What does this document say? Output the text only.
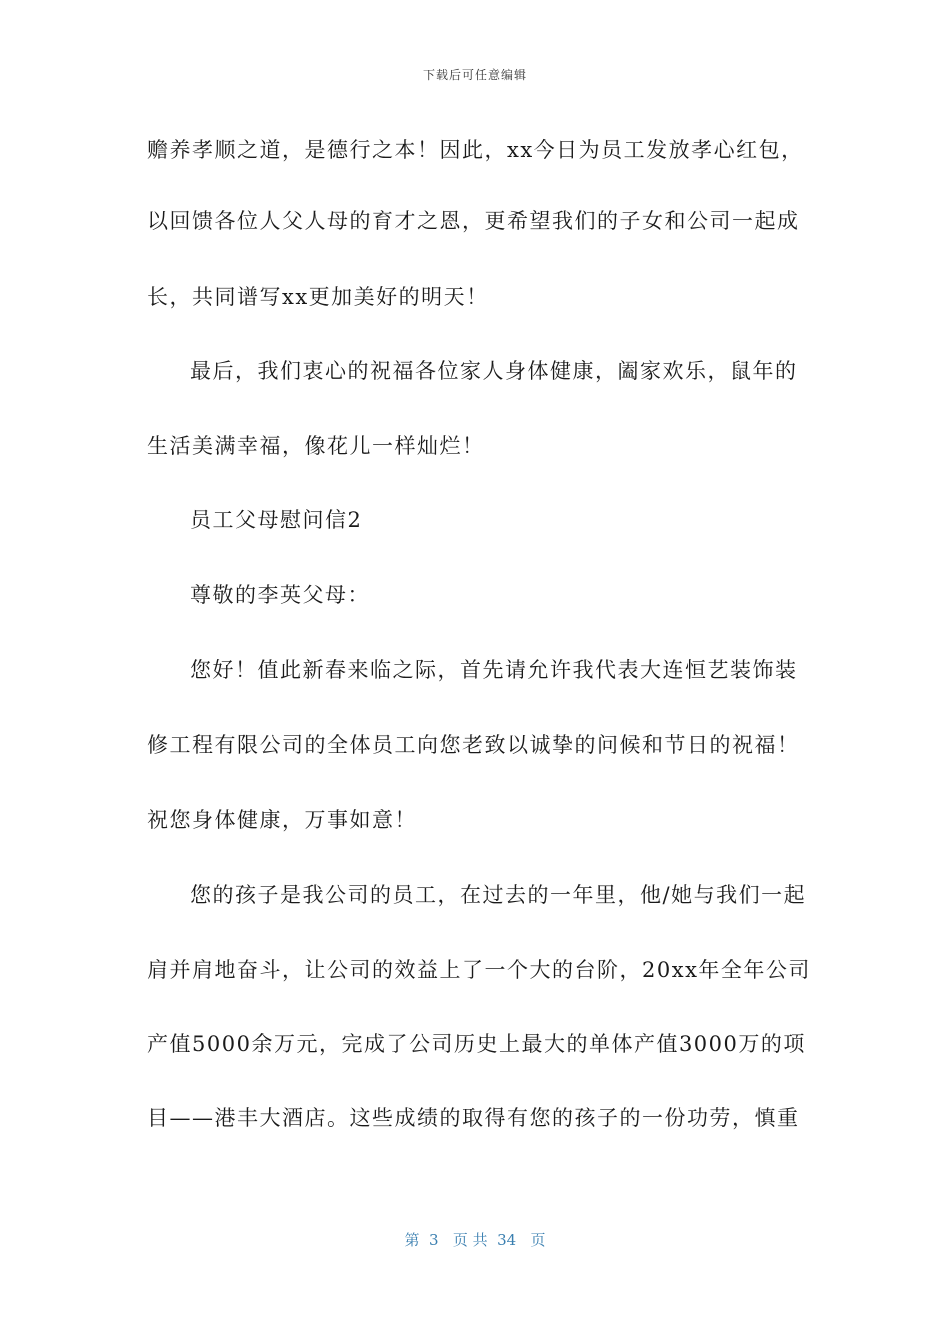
下载后可任意编辑
赡养孝顺之道，是德行之本！因此，xx今日为员工发放孝心红包，
以回馈各位人父人母的育才之恩，更希望我们的子女和公司一起成
长，共同谱写xx更加美好的明天！
最后，我们衷心的祝福各位家人身体健康，阖家欢乐，鼠年的
生活美满幸福，像花儿一样灿烂！
员工父母慰问信2
尊敬的李英父母：
您好！值此新春来临之际，首先请允许我代表大连恒艺装饰装
修工程有限公司的全体员工向您老致以诚挚的问候和节日的祝福！
祝您身体健康，万事如意！
您的孩子是我公司的员工，在过去的一年里，他/她与我们一起
肩并肩地奋斗，让公司的效益上了一个大的台阶，20xx年全年公司
产值5000余万元，完成了公司历史上最大的单体产值3000万的项
目——港丰大酒店。这些成绩的取得有您的孩子的一份功劳，慎重
第  3   页 共  34   页
